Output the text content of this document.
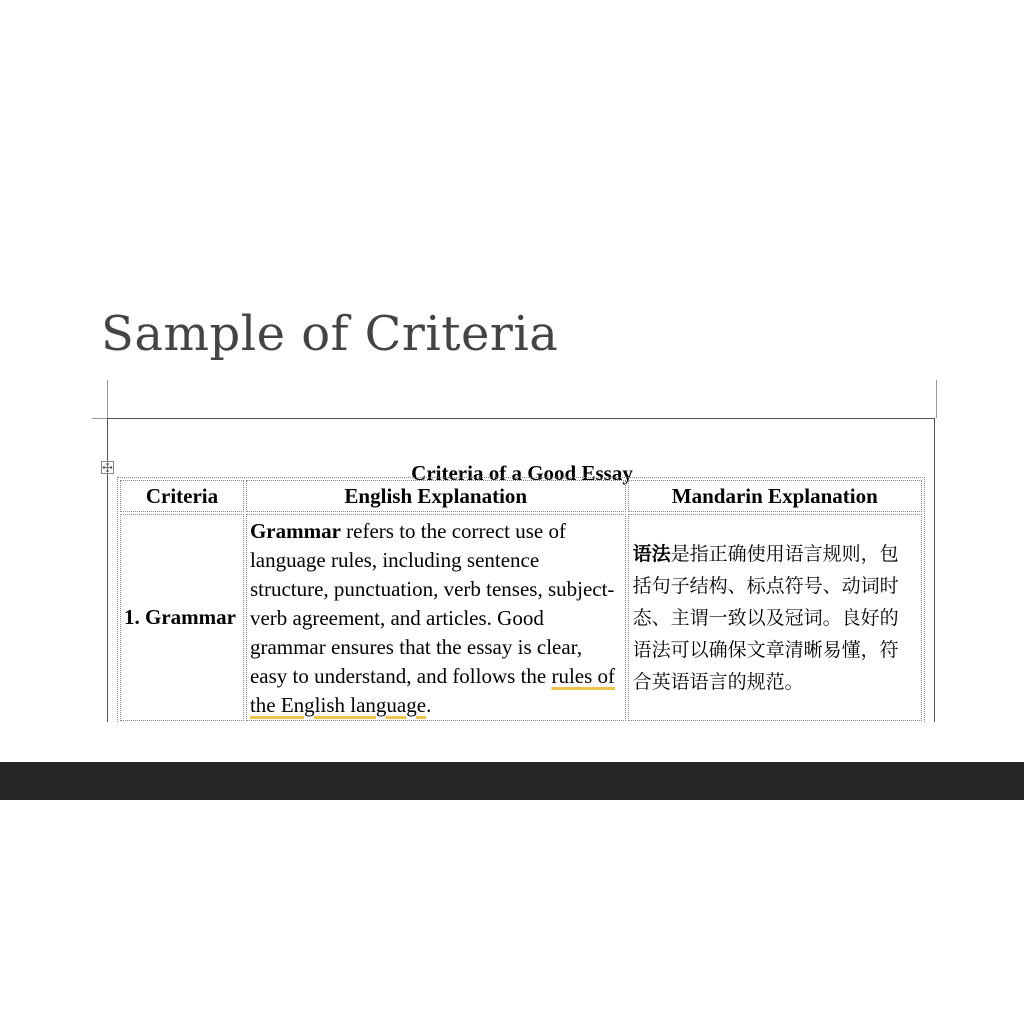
Sample of Criteria
Criteria of a Good Essay
Criteria	English Explanation	Mandarin Explanation
1. Grammar	Grammar refers to the correct use of language rules, including sentence structure, punctuation, verb tenses, subject-verb agreement, and articles. Good grammar ensures that the essay is clear, easy to understand, and follows the rules of the English language.	语法是指正确使用语言规则，包括句子结构、标点符号、动词时态、主谓一致以及冠词。良好的语法可以确保文章清晰易懂，符合英语语言的规范。
